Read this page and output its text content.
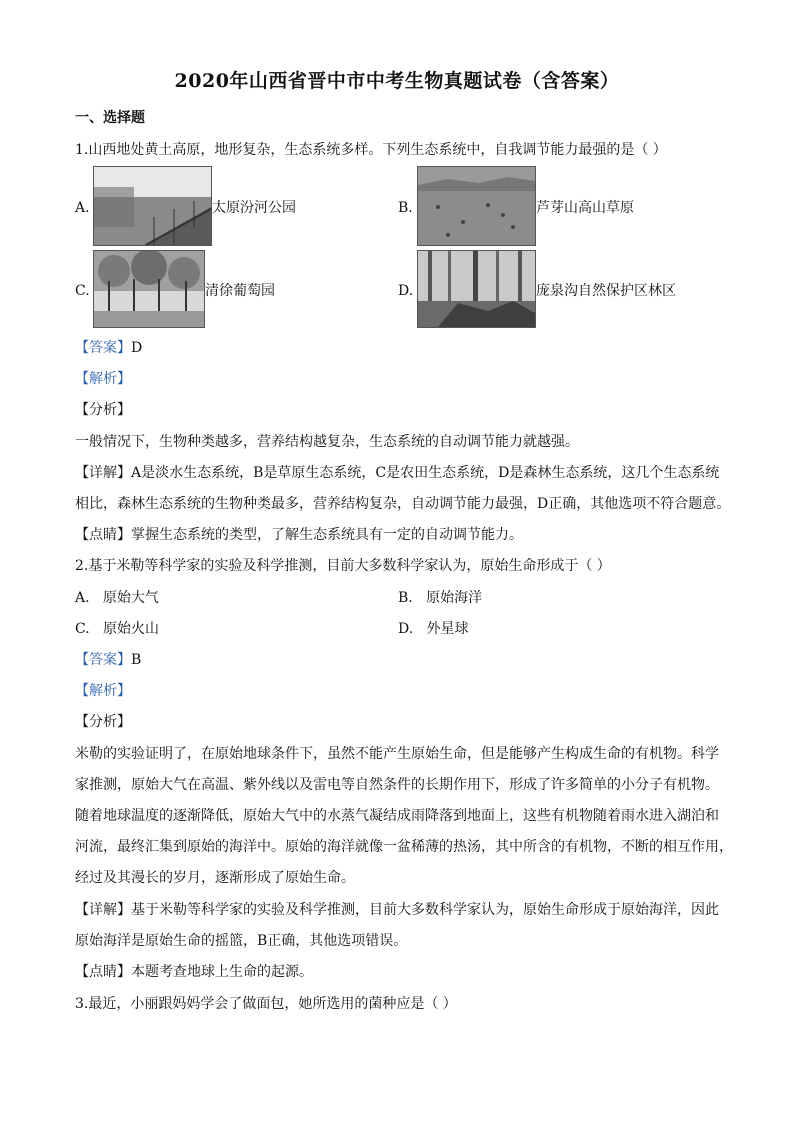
2020年山西省晋中市中考生物真题试卷（含答案）
一、选择题
1.山西地处黄土高原，地形复杂，生态系统多样。下列生态系统中，自我调节能力最强的是（ ）
A.	太原汾河公园	B.	芦芽山高山草原
C.	清徐葡萄园	D.	庞泉沟自然保护区林区
【答案】D
【解析】
【分析】
一般情况下，生物种类越多，营养结构越复杂，生态系统的自动调节能力就越强。
【详解】A是淡水生态系统，B是草原生态系统，C是农田生态系统，D是森林生态系统，这几个生态系统
相比，森林生态系统的生物种类最多，营养结构复杂，自动调节能力最强，D正确，其他选项不符合题意。
【点睛】掌握生态系统的类型，了解生态系统具有一定的自动调节能力。
2.基于米勒等科学家的实验及科学推测，目前大多数科学家认为，原始生命形成于（ ）
A. 原始大气	B. 原始海洋
C. 原始火山	D. 外星球
【答案】B
【解析】
【分析】
米勒的实验证明了，在原始地球条件下，虽然不能产生原始生命，但是能够产生构成生命的有机物。科学
家推测，原始大气在高温、紫外线以及雷电等自然条件的长期作用下，形成了许多简单的小分子有机物。
随着地球温度的逐渐降低，原始大气中的水蒸气凝结成雨降落到地面上，这些有机物随着雨水进入湖泊和
河流，最终汇集到原始的海洋中。原始的海洋就像一盆稀薄的热汤，其中所含的有机物，不断的相互作用，
经过及其漫长的岁月，逐渐形成了原始生命。
【详解】基于米勒等科学家的实验及科学推测，目前大多数科学家认为，原始生命形成于原始海洋，因此
原始海洋是原始生命的摇篮，B正确，其他选项错误。
【点睛】本题考查地球上生命的起源。
3.最近，小丽跟妈妈学会了做面包，她所选用的菌种应是（ ）
